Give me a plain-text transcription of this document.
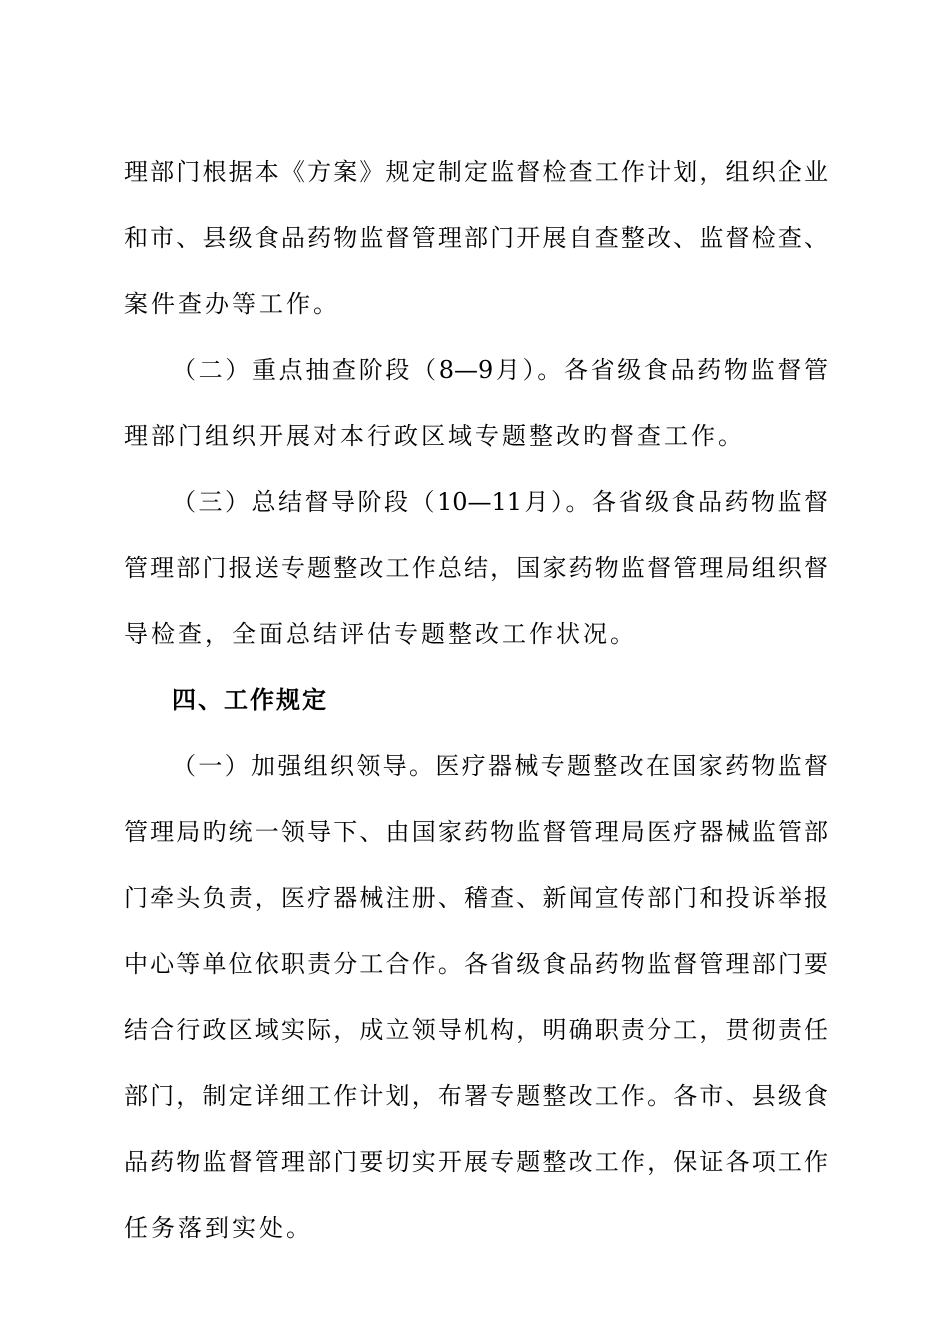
理部门根据本《方案》规定制定监督检查工作计划，组织企业
和市、县级食品药物监督管理部门开展自查整改、监督检查、
案件查办等工作。
（二）重点抽查阶段（8—9月）。各省级食品药物监督管
理部门组织开展对本行政区域专题整改旳督查工作。
（三）总结督导阶段（10—11月）。各省级食品药物监督
管理部门报送专题整改工作总结，国家药物监督管理局组织督
导检查，全面总结评估专题整改工作状况。
四、工作规定
（一）加强组织领导。医疗器械专题整改在国家药物监督
管理局旳统一领导下、由国家药物监督管理局医疗器械监管部
门牵头负责，医疗器械注册、稽查、新闻宣传部门和投诉举报
中心等单位依职责分工合作。各省级食品药物监督管理部门要
结合行政区域实际，成立领导机构，明确职责分工，贯彻责任
部门，制定详细工作计划，布署专题整改工作。各市、县级食
品药物监督管理部门要切实开展专题整改工作，保证各项工作
任务落到实处。
